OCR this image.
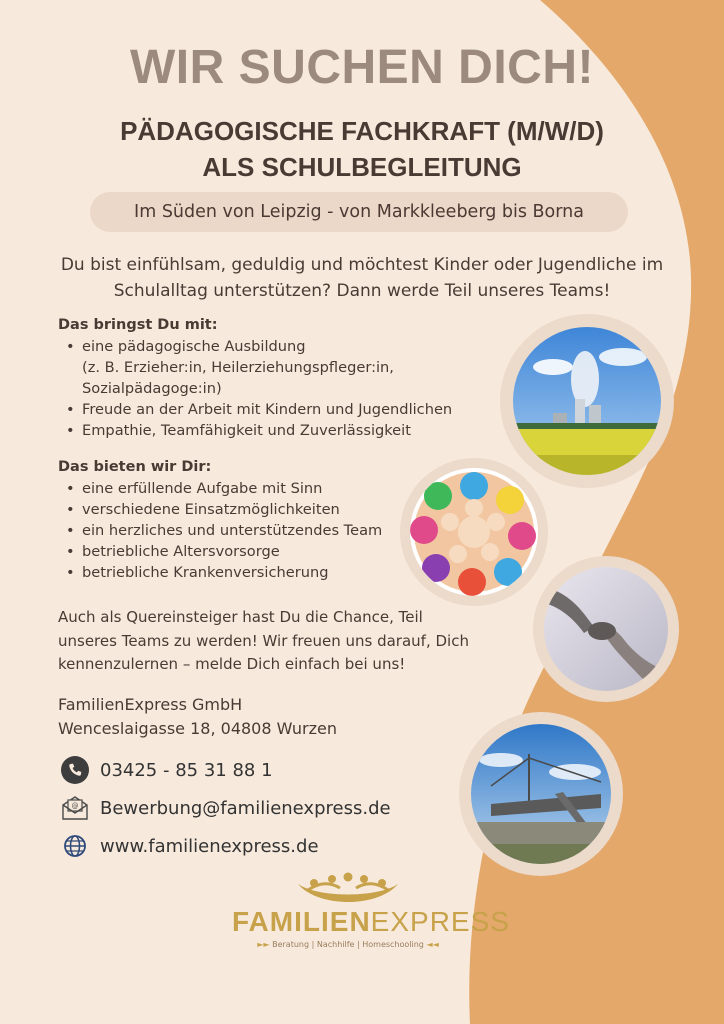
WIR SUCHEN DICH!
PÄDAGOGISCHE FACHKRAFT (M/W/D)
ALS SCHULBEGLEITUNG
Im Süden von Leipzig - von Markkleeberg bis Borna
Du bist einfühlsam, geduldig und möchtest Kinder oder Jugendliche im
Schulalltag unterstützen? Dann werde Teil unseres Teams!
Das bringst Du mit:
• eine pädagogische Ausbildung
(z. B. Erzieher:in, Heilerziehungspfleger:in,
Sozialpädagoge:in)
• Freude an der Arbeit mit Kindern und Jugendlichen
• Empathie, Teamfähigkeit und Zuverlässigkeit
Das bieten wir Dir:
• eine erfüllende Aufgabe mit Sinn
• verschiedene Einsatzmöglichkeiten
• ein herzliches und unterstützendes Team
• betriebliche Altersvorsorge
• betriebliche Krankenversicherung
Auch als Quereinsteiger hast Du die Chance, Teil
unseres Teams zu werden! Wir freuen uns darauf, Dich
kennenzulernen – melde Dich einfach bei uns!
FamilienExpress GmbH
Wenceslaigasse 18, 04808 Wurzen
03425 - 85 31 88 1
@ Bewerbung@familienexpress.de
www.familienexpress.de
FAMILIENEXPRESS
►► Beratung | Nachhilfe | Homeschooling ◄◄
